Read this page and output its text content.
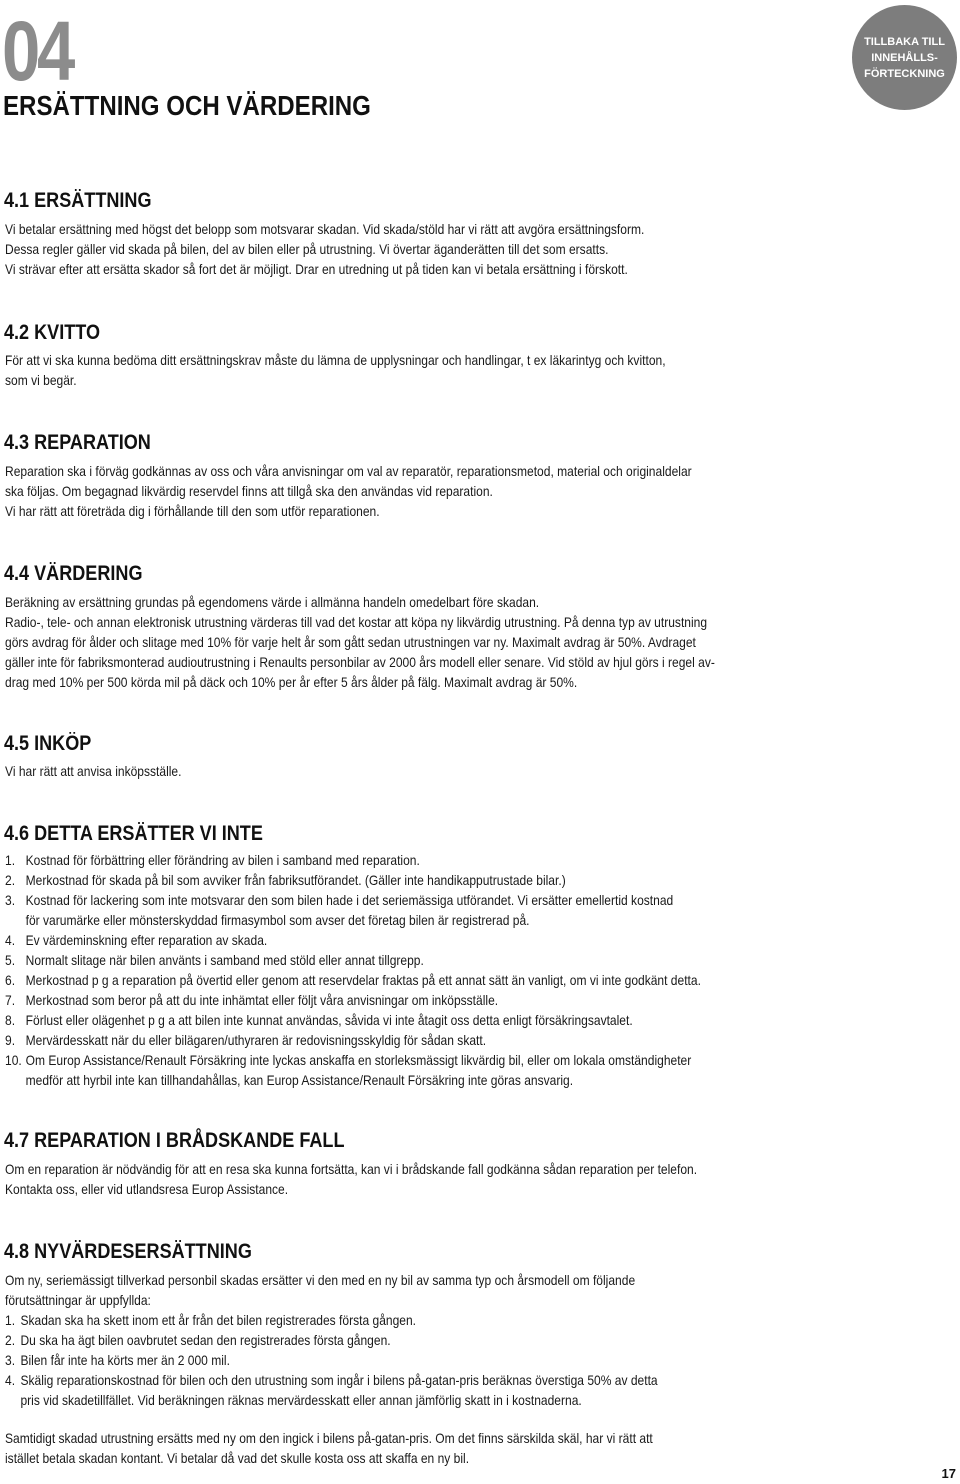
04
ERSÄTTNING OCH VÄRDERING
TILLBAKA TILL
INNEHÅLLS-
FÖRTECKNING
4.1 ERSÄTTNING
Vi betalar ersättning med högst det belopp som motsvarar skadan. Vid skada/stöld har vi rätt att avgöra ersättningsform.
Dessa regler gäller vid skada på bilen, del av bilen eller på utrustning. Vi övertar äganderätten till det som ersatts.
Vi strävar efter att ersätta skador så fort det är möjligt. Drar en utredning ut på tiden kan vi betala ersättning i förskott.
4.2 KVITTO
För att vi ska kunna bedöma ditt ersättningskrav måste du lämna de upplysningar och handlingar, t ex läkarintyg och kvitton,
som vi begär.
4.3 REPARATION
Reparation ska i förväg godkännas av oss och våra anvisningar om val av reparatör, reparationsmetod, material och originaldelar
ska följas. Om begagnad likvärdig reservdel finns att tillgå ska den användas vid reparation.
Vi har rätt att företräda dig i förhållande till den som utför reparationen.
4.4 VÄRDERING
Beräkning av ersättning grundas på egendomens värde i allmänna handeln omedelbart före skadan.
Radio-, tele- och annan elektronisk utrustning värderas till vad det kostar att köpa ny likvärdig utrustning. På denna typ av utrustning
görs avdrag för ålder och slitage med 10% för varje helt år som gått sedan utrustningen var ny. Maximalt avdrag är 50%. Avdraget
gäller inte för fabriksmonterad audioutrustning i Renaults personbilar av 2000 års modell eller senare. Vid stöld av hjul görs i regel av-
drag med 10% per 500 körda mil på däck och 10% per år efter 5 års ålder på fälg. Maximalt avdrag är 50%.
4.5 INKÖP
Vi har rätt att anvisa inköpsställe.
4.6 DETTA ERSÄTTER VI INTE
1. Kostnad för förbättring eller förändring av bilen i samband med reparation.
2. Merkostnad för skada på bil som avviker från fabriksutförandet. (Gäller inte handikapputrustade bilar.)
3. Kostnad för lackering som inte motsvarar den som bilen hade i det seriemässiga utförandet. Vi ersätter emellertid kostnad
för varumärke eller mönsterskyddad firmasymbol som avser det företag bilen är registrerad på.
4. Ev värdeminskning efter reparation av skada.
5. Normalt slitage när bilen använts i samband med stöld eller annat tillgrepp.
6. Merkostnad p g a reparation på övertid eller genom att reservdelar fraktas på ett annat sätt än vanligt, om vi inte godkänt detta.
7. Merkostnad som beror på att du inte inhämtat eller följt våra anvisningar om inköpsställe.
8. Förlust eller olägenhet p g a att bilen inte kunnat användas, såvida vi inte åtagit oss detta enligt försäkringsavtalet.
9. Mervärdesskatt när du eller bilägaren/uthyraren är redovisningsskyldig för sådan skatt.
10. Om Europ Assistance/Renault Försäkring inte lyckas anskaffa en storleksmässigt likvärdig bil, eller om lokala omständigheter
medför att hyrbil inte kan tillhandahållas, kan Europ Assistance/Renault Försäkring inte göras ansvarig.
4.7 REPARATION I BRÅDSKANDE FALL
Om en reparation är nödvändig för att en resa ska kunna fortsätta, kan vi i brådskande fall godkänna sådan reparation per telefon.
Kontakta oss, eller vid utlandsresa Europ Assistance.
4.8 NYVÄRDESERSÄTTNING
Om ny, seriemässigt tillverkad personbil skadas ersätter vi den med en ny bil av samma typ och årsmodell om följande
förutsättningar är uppfyllda:
1. Skadan ska ha skett inom ett år från det bilen registrerades första gången.
2. Du ska ha ägt bilen oavbrutet sedan den registrerades första gången.
3. Bilen får inte ha körts mer än 2 000 mil.
4. Skälig reparationskostnad för bilen och den utrustning som ingår i bilens på-gatan-pris beräknas överstiga 50% av detta
pris vid skadetillfället. Vid beräkningen räknas mervärdesskatt eller annan jämförlig skatt in i kostnaderna.
Samtidigt skadad utrustning ersätts med ny om den ingick i bilens på-gatan-pris. Om det finns särskilda skäl, har vi rätt att
istället betala skadan kontant. Vi betalar då vad det skulle kosta oss att skaffa en ny bil.
17
